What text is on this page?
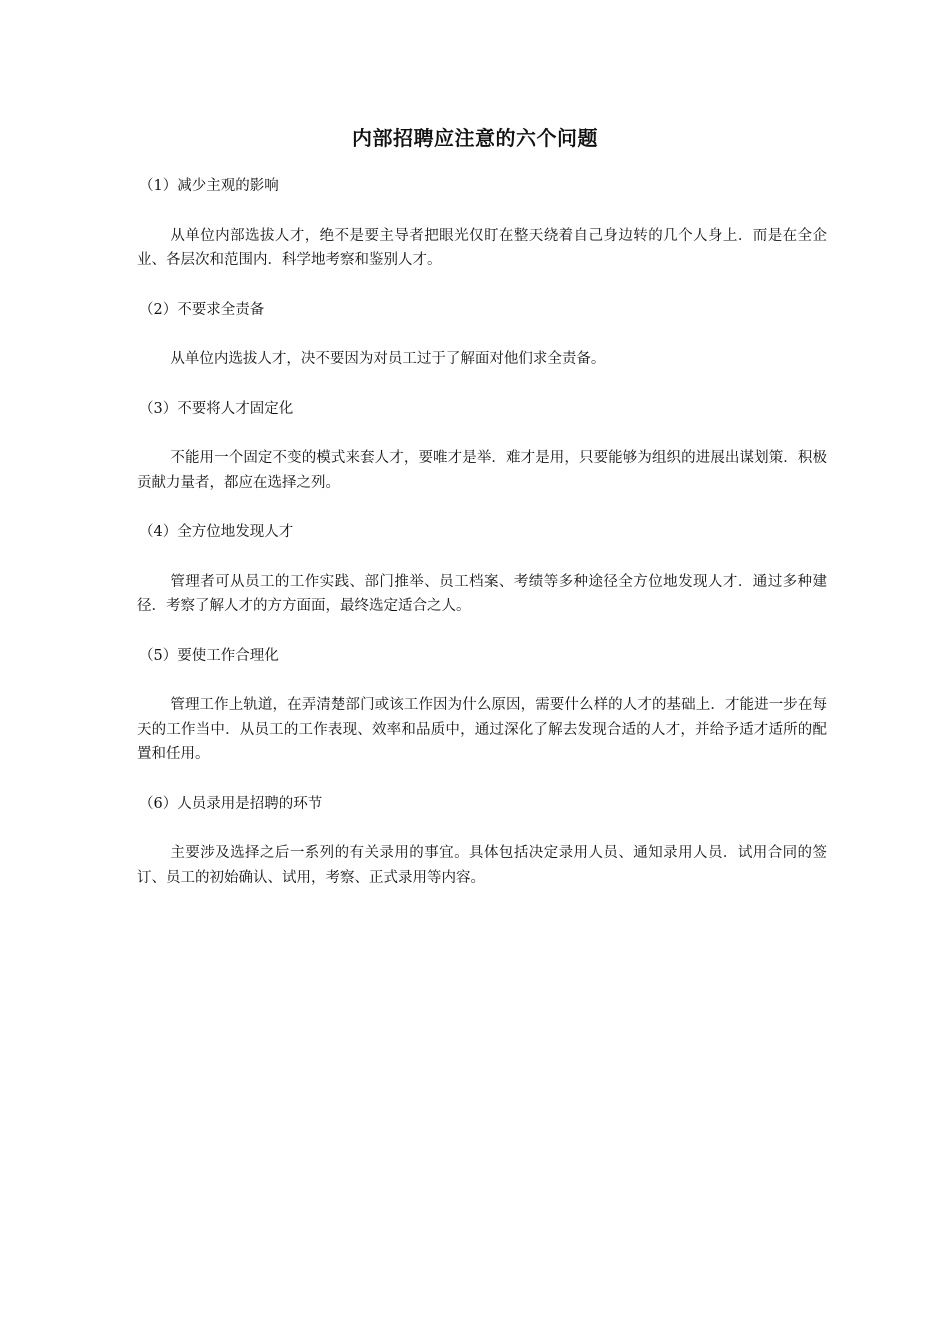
内部招聘应注意的六个问题
（1）减少主观的影响
从单位内部选拔人才，绝不是要主导者把眼光仅盯在整天绕着自己身边转的几个人身上．而是在全企业、各层次和范围内．科学地考察和鉴别人才。
（2）不要求全责备
从单位内选拔人才，决不要因为对员工过于了解面对他们求全责备。
（3）不要将人才固定化
不能用一个固定不变的模式来套人才，要唯才是举．难才是用，只要能够为组织的进展出谋划策．积极贡献力量者，都应在选择之列。
（4）全方位地发现人才
管理者可从员工的工作实践、部门推举、员工档案、考绩等多种途径全方位地发现人才．通过多种建径．考察了解人才的方方面面，最终选定适合之人。
（5）要使工作合理化
管理工作上轨道，在弄清楚部门或该工作因为什么原因，需要什么样的人才的基础上．才能进一步在每天的工作当中．从员工的工作表现、效率和品质中，通过深化了解去发现合适的人才，并给予适才适所的配置和任用。
（6）人员录用是招聘的环节
主要涉及选择之后一系列的有关录用的事宜。具体包括决定录用人员、通知录用人员．试用合同的签订、员工的初始确认、试用，考察、正式录用等内容。
